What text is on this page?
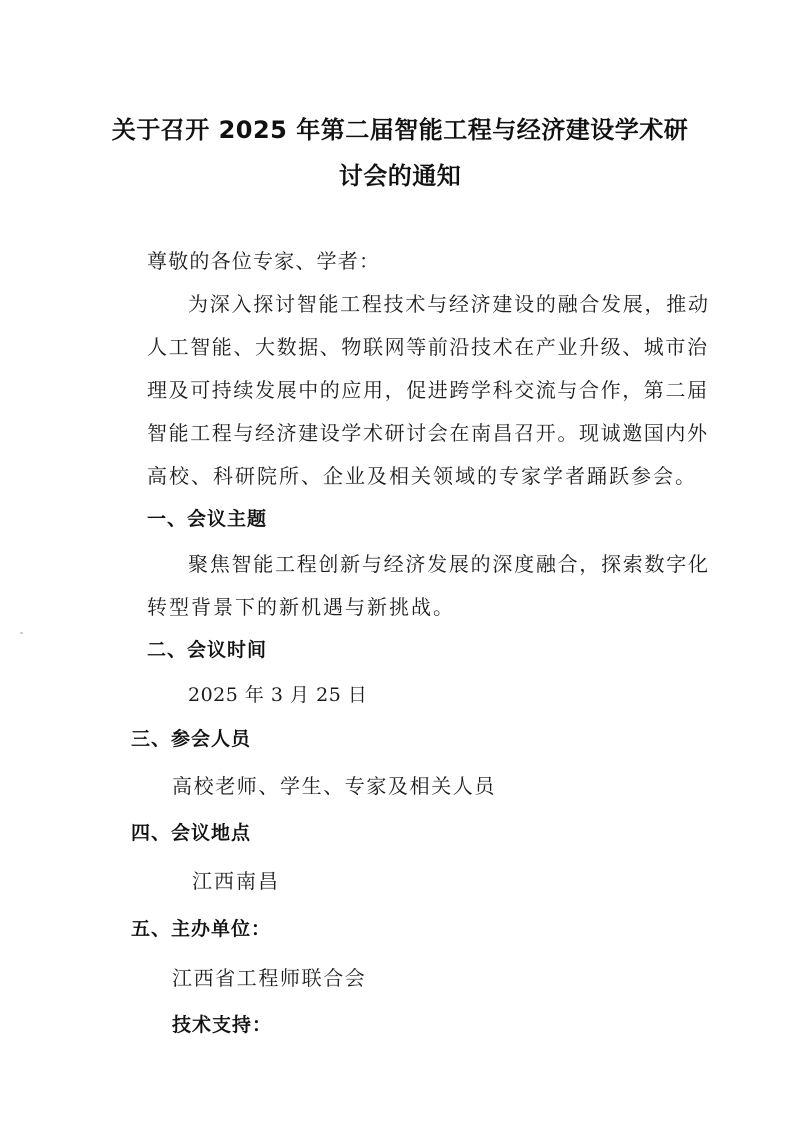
关于召开 2025 年第二届智能工程与经济建设学术研
讨会的通知
尊敬的各位专家、学者：
为深入探讨智能工程技术与经济建设的融合发展，推动
人工智能、大数据、物联网等前沿技术在产业升级、城市治
理及可持续发展中的应用，促进跨学科交流与合作，第二届
智能工程与经济建设学术研讨会在南昌召开。现诚邀国内外
高校、科研院所、企业及相关领域的专家学者踊跃参会。
一、会议主题
聚焦智能工程创新与经济发展的深度融合，探索数字化
转型背景下的新机遇与新挑战。
二、会议时间
2025 年 3 月 25 日
三、参会人员
高校老师、学生、专家及相关人员
四、会议地点
江西南昌
五、主办单位：
江西省工程师联合会
技术支持：
